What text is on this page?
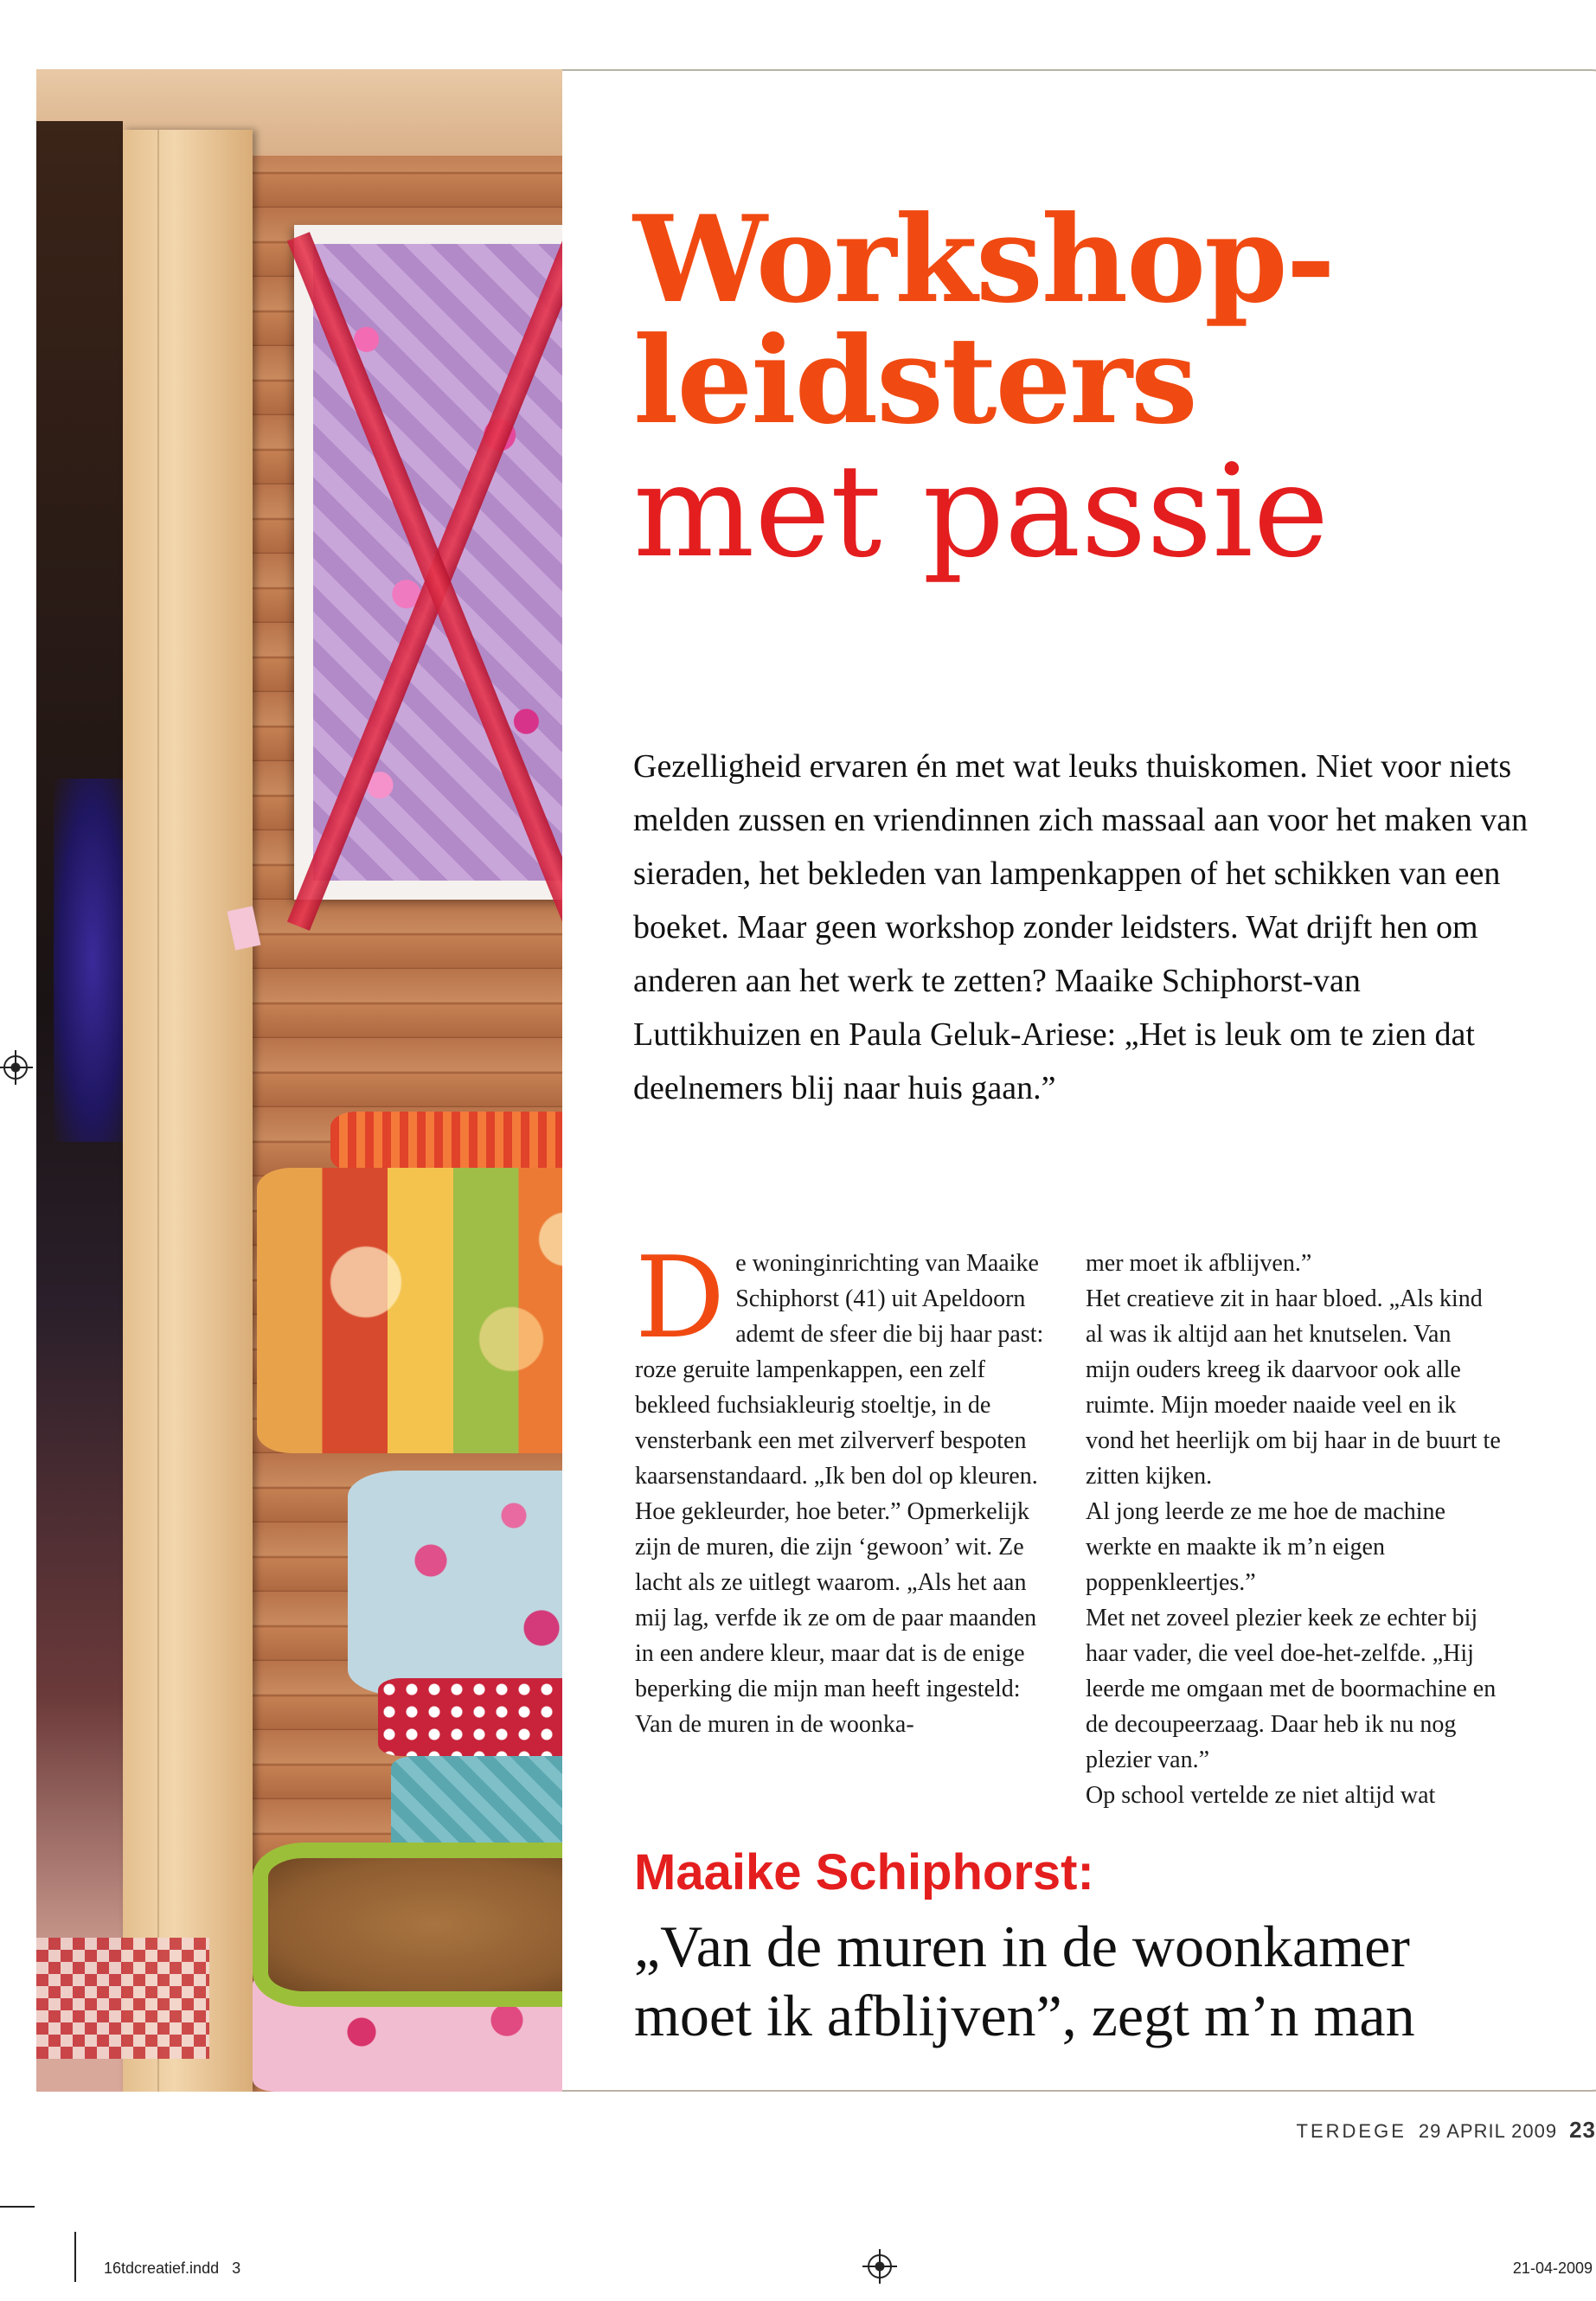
Workshop-
leidsters
met passie

Gezelligheid ervaren én met wat leuks thuiskomen. Niet voor niets melden zussen en vriendinnen zich massaal aan voor het maken van sieraden, het bekleden van lampenkappen of het schikken van een boeket. Maar geen workshop zonder leidsters. Wat drijft hen om anderen aan het werk te zetten? Maaike Schiphorst-van Luttikhuizen en Paula Geluk-Ariese: „Het is leuk om te zien dat deelnemers blij naar huis gaan.”

De woninginrichting van Maaike Schiphorst (41) uit Apeldoorn ademt de sfeer die bij haar past: roze geruite lampenkappen, een zelf bekleed fuchsiakleurig stoeltje, in de vensterbank een met zilververf bespoten kaarsenstandaard. „Ik ben dol op kleuren. Hoe gekleurder, hoe beter.” Opmerkelijk zijn de muren, die zijn ‘gewoon’ wit. Ze lacht als ze uitlegt waarom. „Als het aan mij lag, verfde ik ze om de paar maanden in een andere kleur, maar dat is de enige beperking die mijn man heeft ingesteld: Van de muren in de woonka-

mer moet ik afblijven.”

Het creatieve zit in haar bloed. „Als kind al was ik altijd aan het knutselen. Van mijn ouders kreeg ik daarvoor ook alle ruimte. Mijn moeder naaide veel en ik vond het heerlijk om bij haar in de buurt te zitten kijken.

Al jong leerde ze me hoe de machine werkte en maakte ik m’n eigen poppenkleertjes.”

Met net zoveel plezier keek ze echter bij haar vader, die veel doe-het-zelfde. „Hij leerde me omgaan met de boormachine en de decoupeerzaag. Daar heb ik nu nog plezier van.”

Op school vertelde ze niet altijd wat

Maaike Schiphorst:
„Van de muren in de woonkamer
moet ik afblijven”, zegt m’n man
TERDEGE 29 APRIL 2009 23
16tdcreatief.indd   3	21-04-2009
